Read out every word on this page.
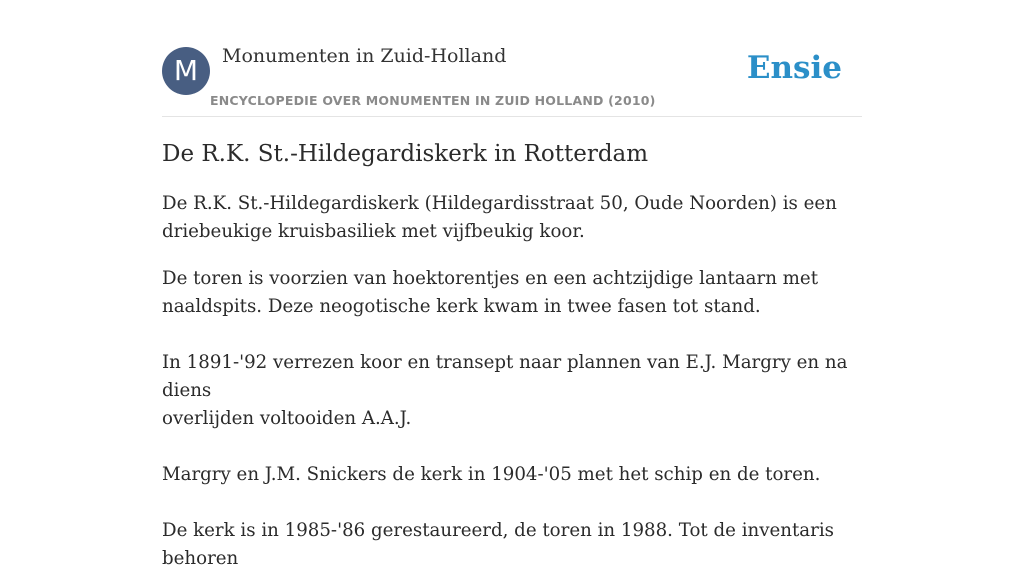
M	Monumenten in Zuid-Holland
ENCYCLOPEDIE OVER MONUMENTEN IN ZUID HOLLAND (2010)
Ensie
De R.K. St.-Hildegardiskerk in Rotterdam

De R.K. St.-Hildegardiskerk (Hildegardisstraat 50, Oude Noorden) is een
driebeukige kruisbasiliek met vijfbeukig koor.

De toren is voorzien van hoektorentjes en een achtzijdige lantaarn met
naaldspits. Deze neogotische kerk kwam in twee fasen tot stand.
In 1891-'92 verrezen koor en transept naar plannen van E.J. Margry en na diens
overlijden voltooiden A.A.J.
Margry en J.M. Snickers de kerk in 1904-'05 met het schip en de toren.
De kerk is in 1985-'86 gerestaureerd, de toren in 1988. Tot de inventaris behoren
